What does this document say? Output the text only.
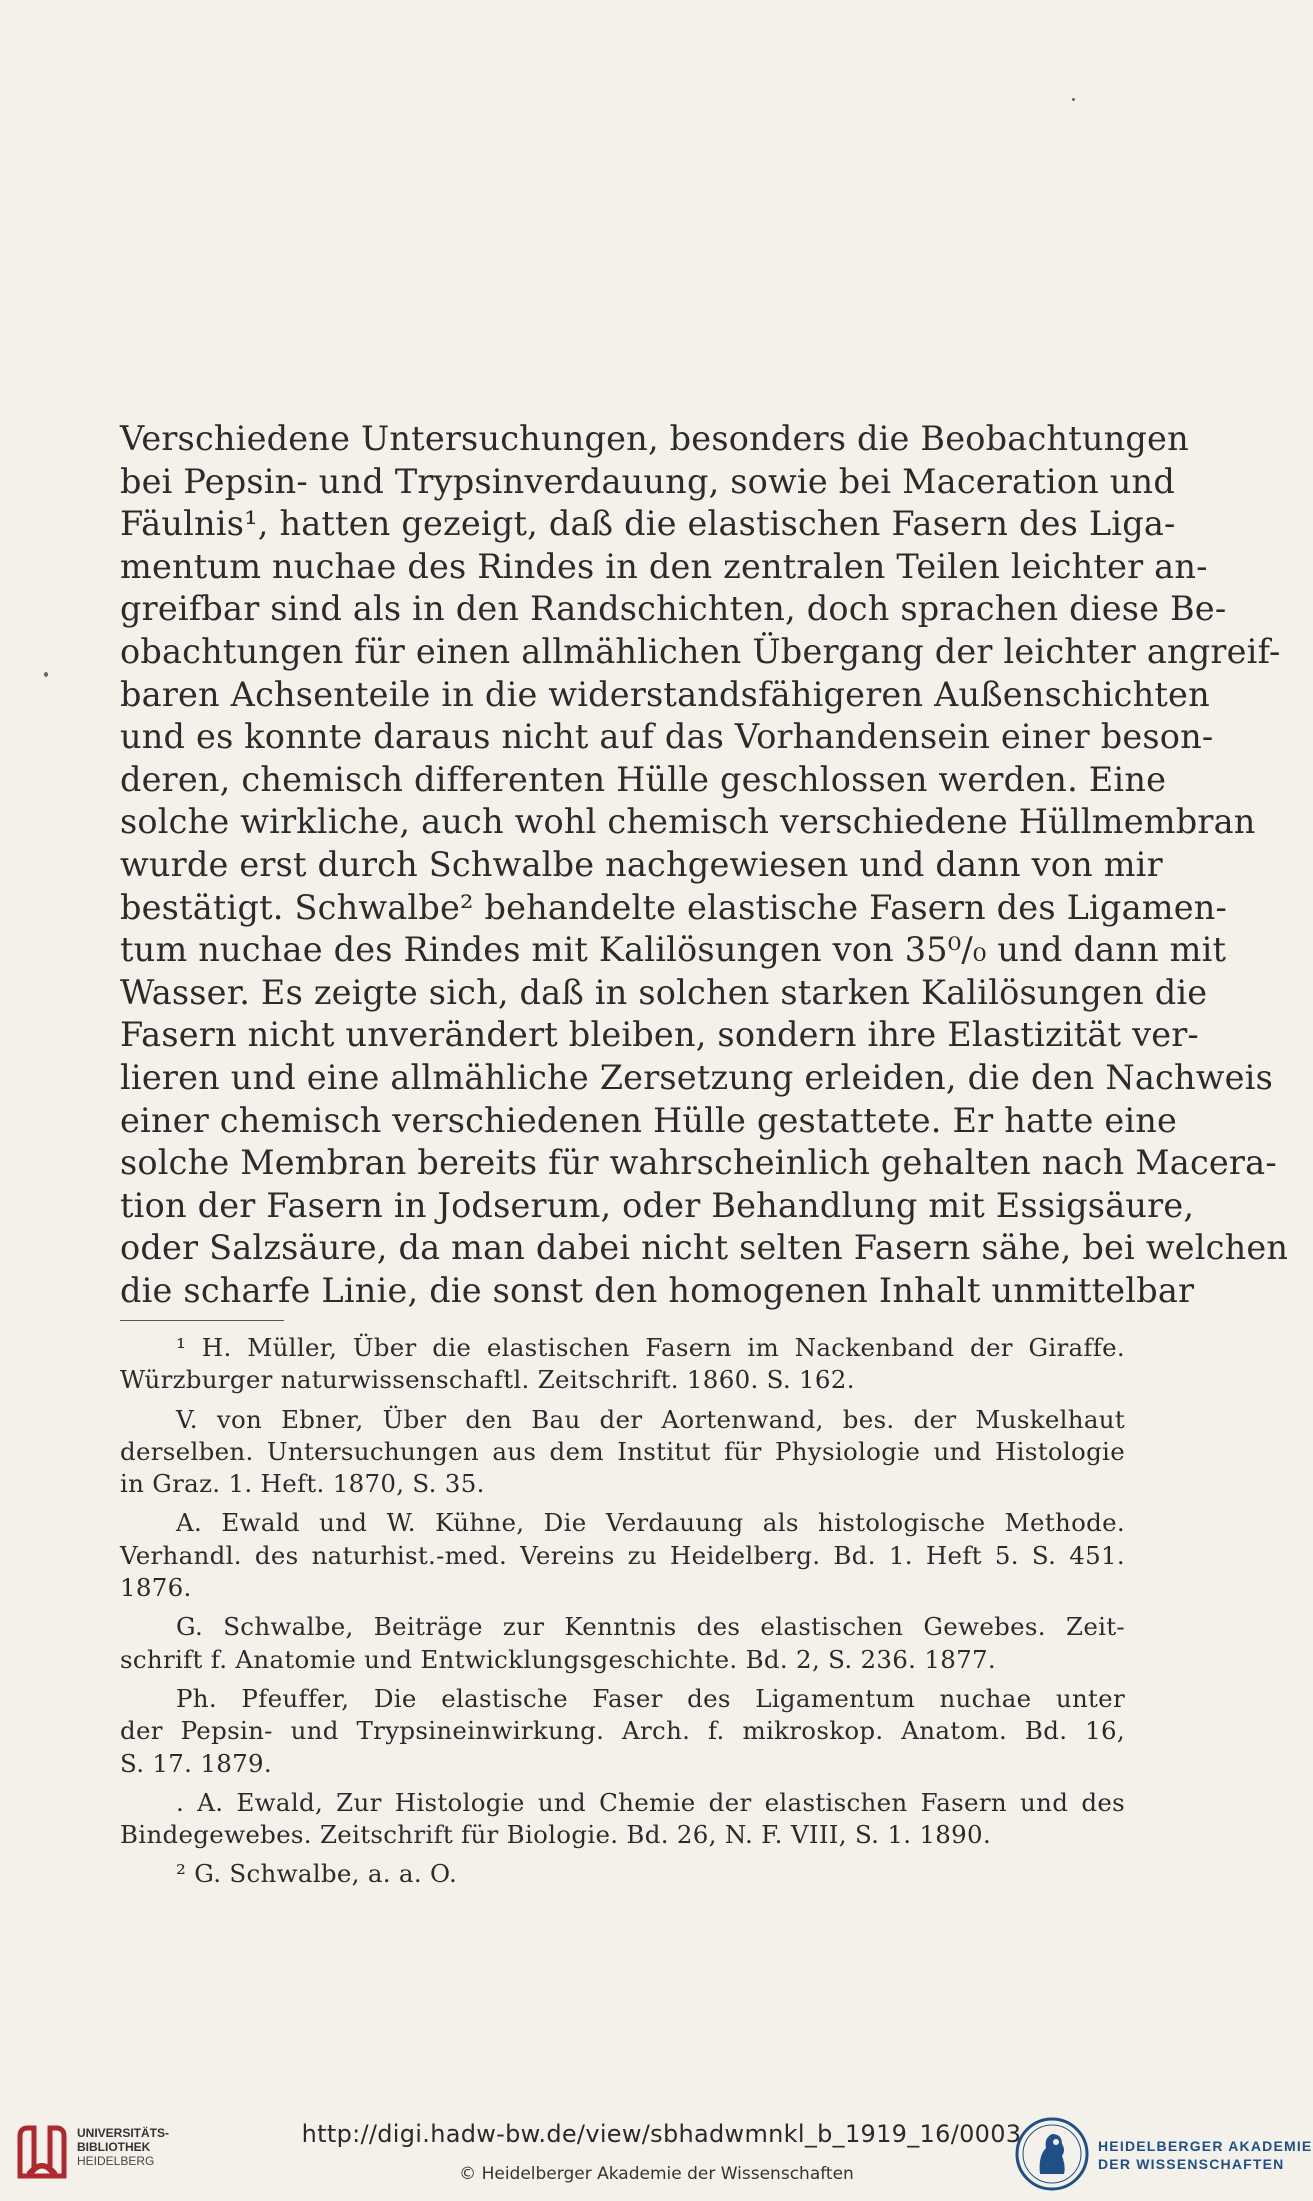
Verschiedene Untersuchungen, besonders die Beobachtungen
bei Pepsin- und Trypsinverdauung, sowie bei Maceration und
Fäulnis¹, hatten gezeigt, daß die elastischen Fasern des Liga-
mentum nuchae des Rindes in den zentralen Teilen leichter an-
greifbar sind als in den Randschichten, doch sprachen diese Be-
obachtungen für einen allmählichen Übergang der leichter angreif-
baren Achsenteile in die widerstandsfähigeren Außenschichten
und es konnte daraus nicht auf das Vorhandensein einer beson-
deren, chemisch differenten Hülle geschlossen werden. Eine
solche wirkliche, auch wohl chemisch verschiedene Hüllmembran
wurde erst durch Schwalbe nachgewiesen und dann von mir
bestätigt. Schwalbe² behandelte elastische Fasern des Ligamen-
tum nuchae des Rindes mit Kalilösungen von 35⁰/₀ und dann mit
Wasser. Es zeigte sich, daß in solchen starken Kalilösungen die
Fasern nicht unverändert bleiben, sondern ihre Elastizität ver-
lieren und eine allmähliche Zersetzung erleiden, die den Nachweis
einer chemisch verschiedenen Hülle gestattete. Er hatte eine
solche Membran bereits für wahrscheinlich gehalten nach Macera-
tion der Fasern in Jodserum, oder Behandlung mit Essigsäure,
oder Salzsäure, da man dabei nicht selten Fasern sähe, bei welchen
die scharfe Linie, die sonst den homogenen Inhalt unmittelbar
¹ H. Müller, Über die elastischen Fasern im Nackenband der Giraffe.
Würzburger naturwissenschaftl. Zeitschrift. 1860. S. 162.
V. von Ebner, Über den Bau der Aortenwand, bes. der Muskelhaut
derselben. Untersuchungen aus dem Institut für Physiologie und Histologie
in Graz. 1. Heft. 1870, S. 35.
A. Ewald und W. Kühne, Die Verdauung als histologische Methode.
Verhandl. des naturhist.-med. Vereins zu Heidelberg. Bd. 1. Heft 5. S. 451.
1876.
G. Schwalbe, Beiträge zur Kenntnis des elastischen Gewebes. Zeit-
schrift f. Anatomie und Entwicklungsgeschichte. Bd. 2, S. 236. 1877.
Ph. Pfeuffer, Die elastische Faser des Ligamentum nuchae unter
der Pepsin- und Trypsineinwirkung. Arch. f. mikroskop. Anatom. Bd. 16,
S. 17. 1879.
. A. Ewald, Zur Histologie und Chemie der elastischen Fasern und des
Bindegewebes. Zeitschrift für Biologie. Bd. 26, N. F. VIII, S. 1. 1890.
² G. Schwalbe, a. a. O.
UNIVERSITÄTS-
BIBLIOTHEK
HEIDELBERG
http://digi.hadw-bw.de/view/sbhadwmnkl_b_1919_16/0003
© Heidelberger Akademie der Wissenschaften
HEIDELBERGER AKADEMIE
DER WISSENSCHAFTEN
